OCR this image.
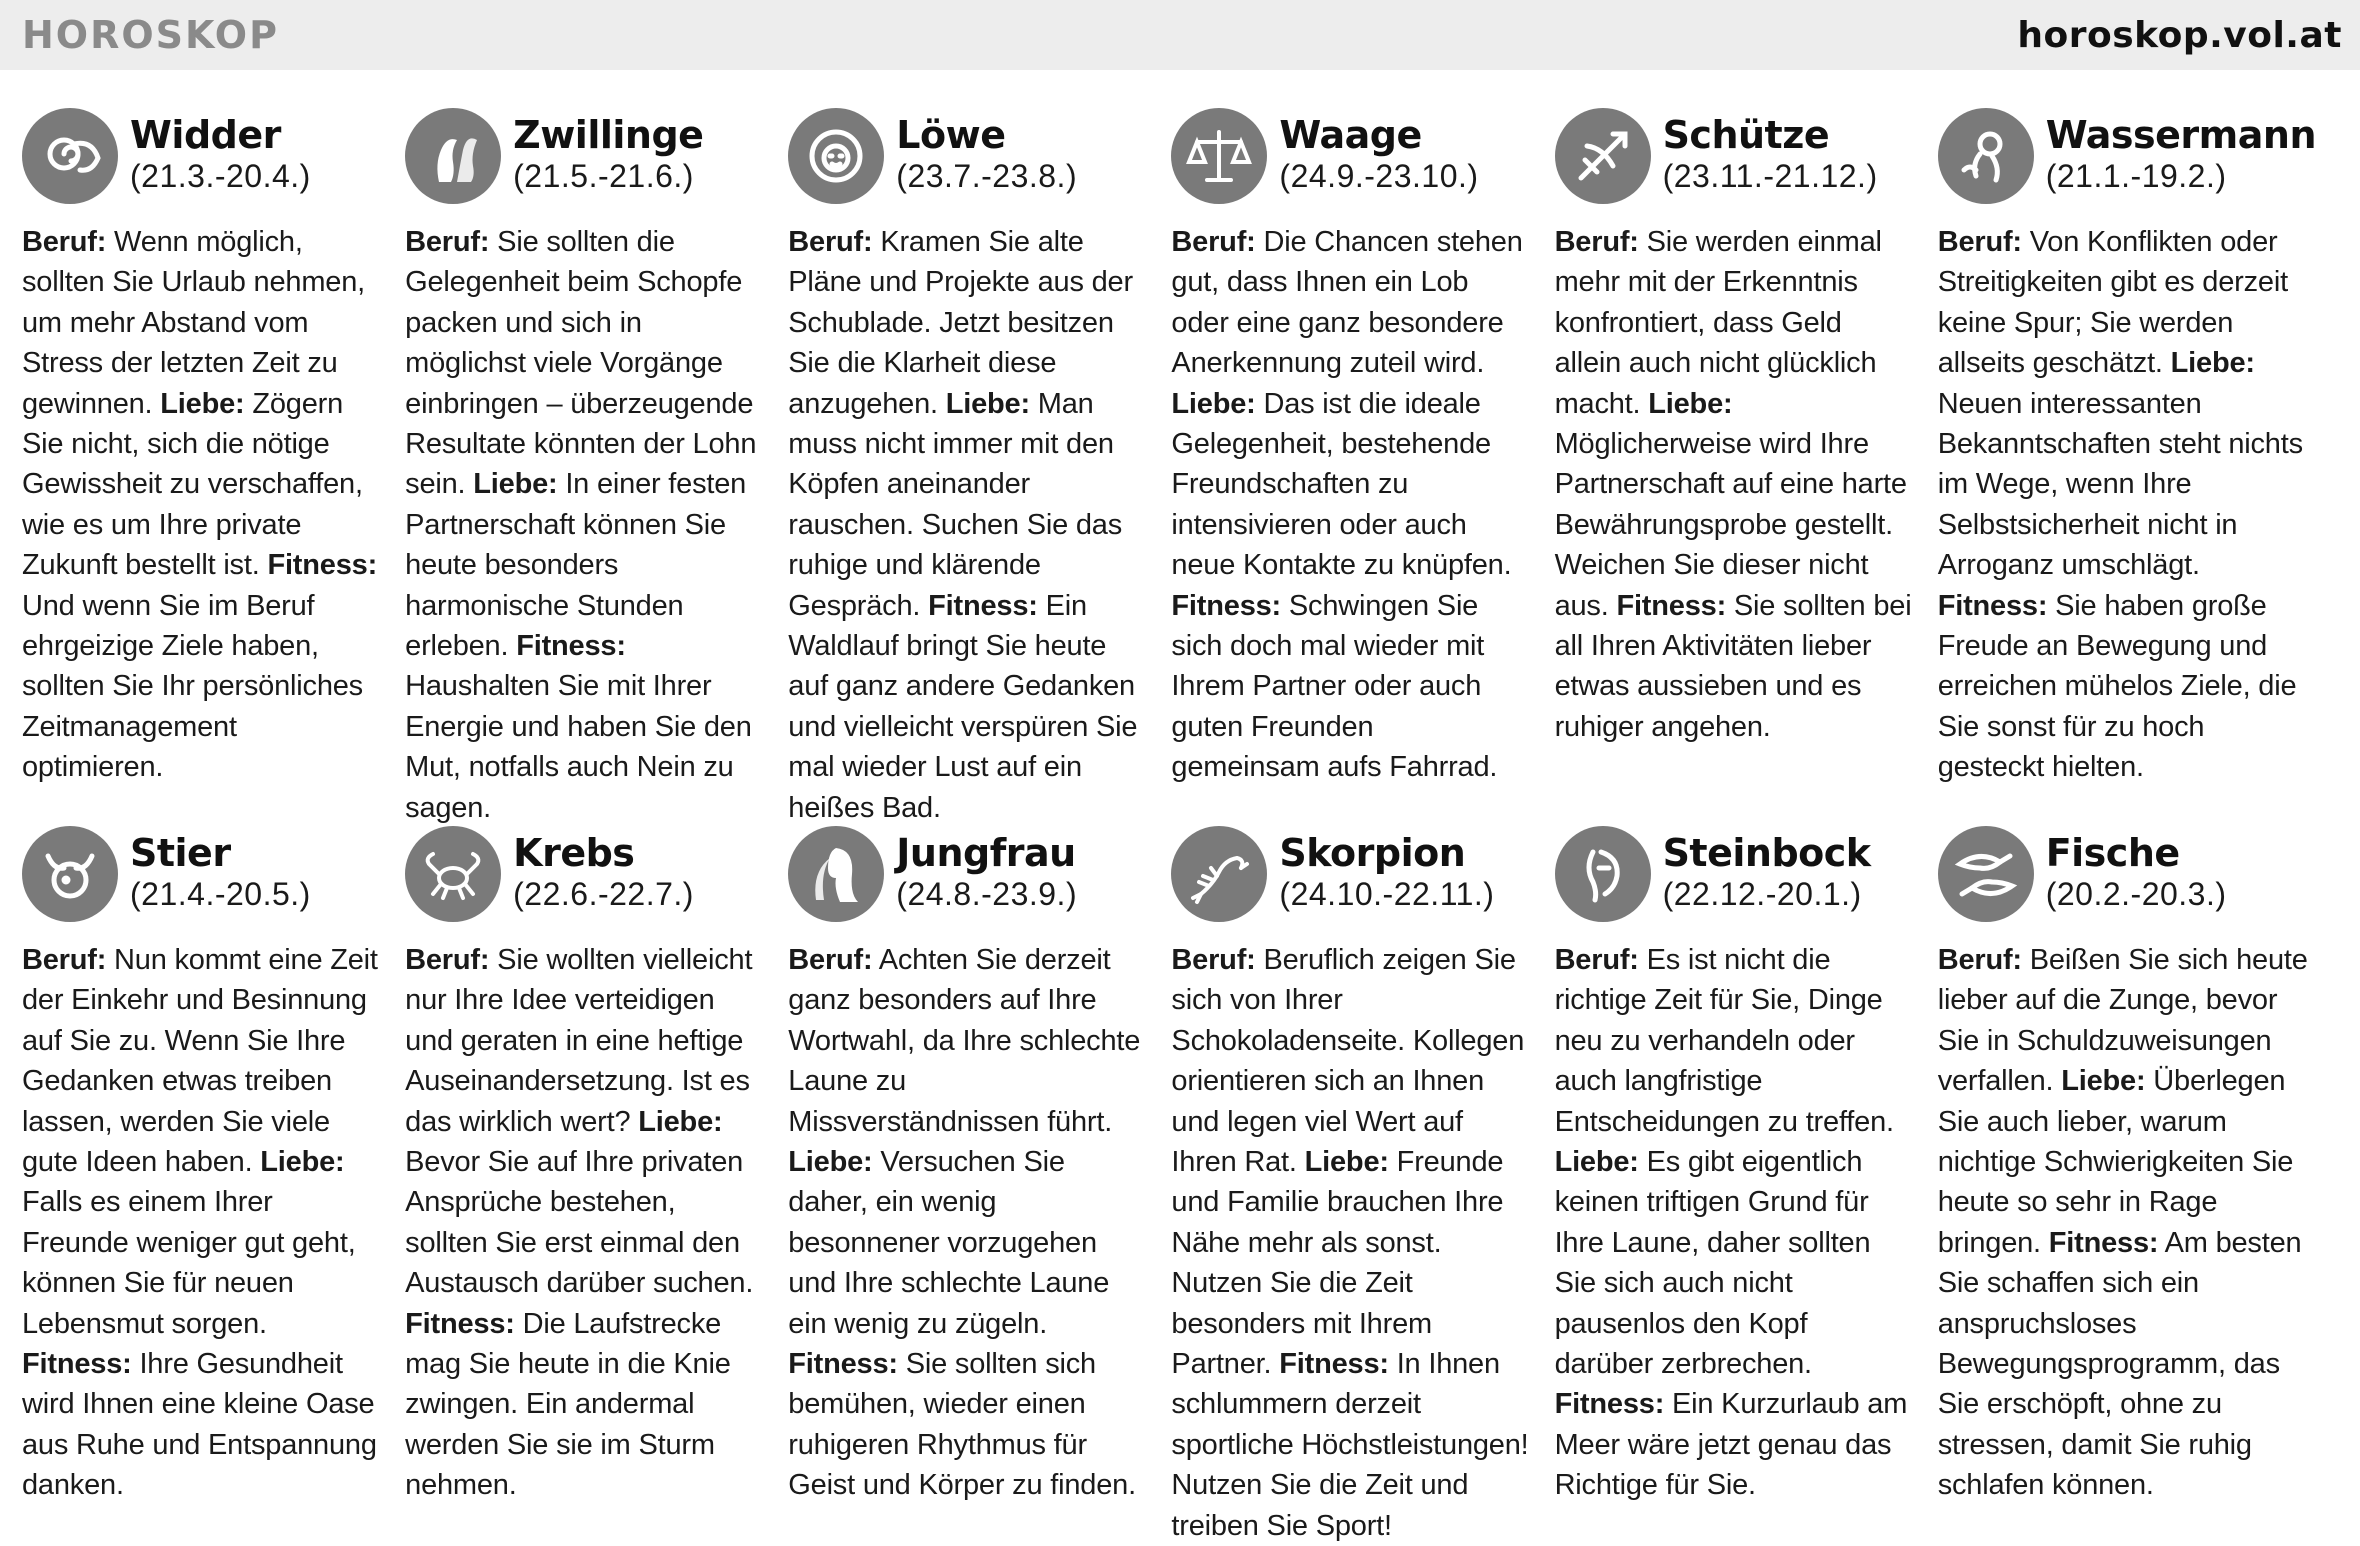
HOROSKOP	horoskop.vol.at
Widder
(21.3.-20.4.)
Beruf: Wenn möglich, sollten Sie Urlaub nehmen, um mehr Abstand vom Stress der letzten Zeit zu gewinnen. Liebe: Zögern Sie nicht, sich die nötige Gewissheit zu verschaffen, wie es um Ihre private Zukunft bestellt ist. Fitness: Und wenn Sie im Beruf ehrgeizige Ziele haben, sollten Sie Ihr persönliches Zeitmanagement optimieren.
Zwillinge
(21.5.-21.6.)
Beruf: Sie sollten die Gelegenheit beim Schopfe packen und sich in möglichst viele Vorgänge einbringen – überzeugende Resultate könnten der Lohn sein. Liebe: In einer festen Partnerschaft können Sie heute besonders harmonische Stunden erleben. Fitness: Haushalten Sie mit Ihrer Energie und haben Sie den Mut, notfalls auch Nein zu sagen.
Löwe
(23.7.-23.8.)
Beruf: Kramen Sie alte Pläne und Projekte aus der Schublade. Jetzt besitzen Sie die Klarheit diese anzugehen. Liebe: Man muss nicht immer mit den Köpfen aneinander rauschen. Suchen Sie das ruhige und klärende Gespräch. Fitness: Ein Waldlauf bringt Sie heute auf ganz andere Gedanken und vielleicht verspüren Sie mal wieder Lust auf ein heißes Bad.
Waage
(24.9.-23.10.)
Beruf: Die Chancen stehen gut, dass Ihnen ein Lob oder eine ganz besondere Anerkennung zuteil wird. Liebe: Das ist die ideale Gelegenheit, bestehende Freundschaften zu intensivieren oder auch neue Kontakte zu knüpfen. Fitness: Schwingen Sie sich doch mal wieder mit Ihrem Partner oder auch guten Freunden gemeinsam aufs Fahrrad.
Schütze
(23.11.-21.12.)
Beruf: Sie werden einmal mehr mit der Erkenntnis konfrontiert, dass Geld allein auch nicht glücklich macht. Liebe: Möglicherweise wird Ihre Partnerschaft auf eine harte Bewährungsprobe gestellt. Weichen Sie dieser nicht aus. Fitness: Sie sollten bei all Ihren Aktivitäten lieber etwas aussieben und es ruhiger angehen.
Wassermann
(21.1.-19.2.)
Beruf: Von Konflikten oder Streitigkeiten gibt es derzeit keine Spur; Sie werden allseits geschätzt. Liebe: Neuen interessanten Bekanntschaften steht nichts im Wege, wenn Ihre Selbstsicherheit nicht in Arroganz umschlägt. Fitness: Sie haben große Freude an Bewegung und erreichen mühelos Ziele, die Sie sonst für zu hoch gesteckt hielten.
Stier
(21.4.-20.5.)
Beruf: Nun kommt eine Zeit der Einkehr und Besinnung auf Sie zu. Wenn Sie Ihre Gedanken etwas treiben lassen, werden Sie viele gute Ideen haben. Liebe: Falls es einem Ihrer Freunde weniger gut geht, können Sie für neuen Lebensmut sorgen. Fitness: Ihre Gesundheit wird Ihnen eine kleine Oase aus Ruhe und Entspannung danken.
Krebs
(22.6.-22.7.)
Beruf: Sie wollten vielleicht nur Ihre Idee verteidigen und geraten in eine heftige Auseinandersetzung. Ist es das wirklich wert? Liebe: Bevor Sie auf Ihre privaten Ansprüche bestehen, sollten Sie erst einmal den Austausch darüber suchen. Fitness: Die Laufstrecke mag Sie heute in die Knie zwingen. Ein andermal werden Sie sie im Sturm nehmen.
Jungfrau
(24.8.-23.9.)
Beruf: Achten Sie derzeit ganz besonders auf Ihre Wortwahl, da Ihre schlechte Laune zu Missverständnissen führt. Liebe: Versuchen Sie daher, ein wenig besonnener vorzugehen und Ihre schlechte Laune ein wenig zu zügeln. Fitness: Sie sollten sich bemühen, wieder einen ruhigeren Rhythmus für Geist und Körper zu finden.
Skorpion
(24.10.-22.11.)
Beruf: Beruflich zeigen Sie sich von Ihrer Schokoladenseite. Kollegen orientieren sich an Ihnen und legen viel Wert auf Ihren Rat. Liebe: Freunde und Familie brauchen Ihre Nähe mehr als sonst. Nutzen Sie die Zeit besonders mit Ihrem Partner. Fitness: In Ihnen schlummern derzeit sportliche Höchstleistungen! Nutzen Sie die Zeit und treiben Sie Sport!
Steinbock
(22.12.-20.1.)
Beruf: Es ist nicht die richtige Zeit für Sie, Dinge neu zu verhandeln oder auch langfristige Entscheidungen zu treffen. Liebe: Es gibt eigentlich keinen triftigen Grund für Ihre Laune, daher sollten Sie sich auch nicht pausenlos den Kopf darüber zerbrechen. Fitness: Ein Kurzurlaub am Meer wäre jetzt genau das Richtige für Sie.
Fische
(20.2.-20.3.)
Beruf: Beißen Sie sich heute lieber auf die Zunge, bevor Sie in Schuldzuweisungen verfallen. Liebe: Überlegen Sie auch lieber, warum nichtige Schwierigkeiten Sie heute so sehr in Rage bringen. Fitness: Am besten Sie schaffen sich ein anspruchsloses Bewegungsprogramm, das Sie erschöpft, ohne zu stressen, damit Sie ruhig schlafen können.
